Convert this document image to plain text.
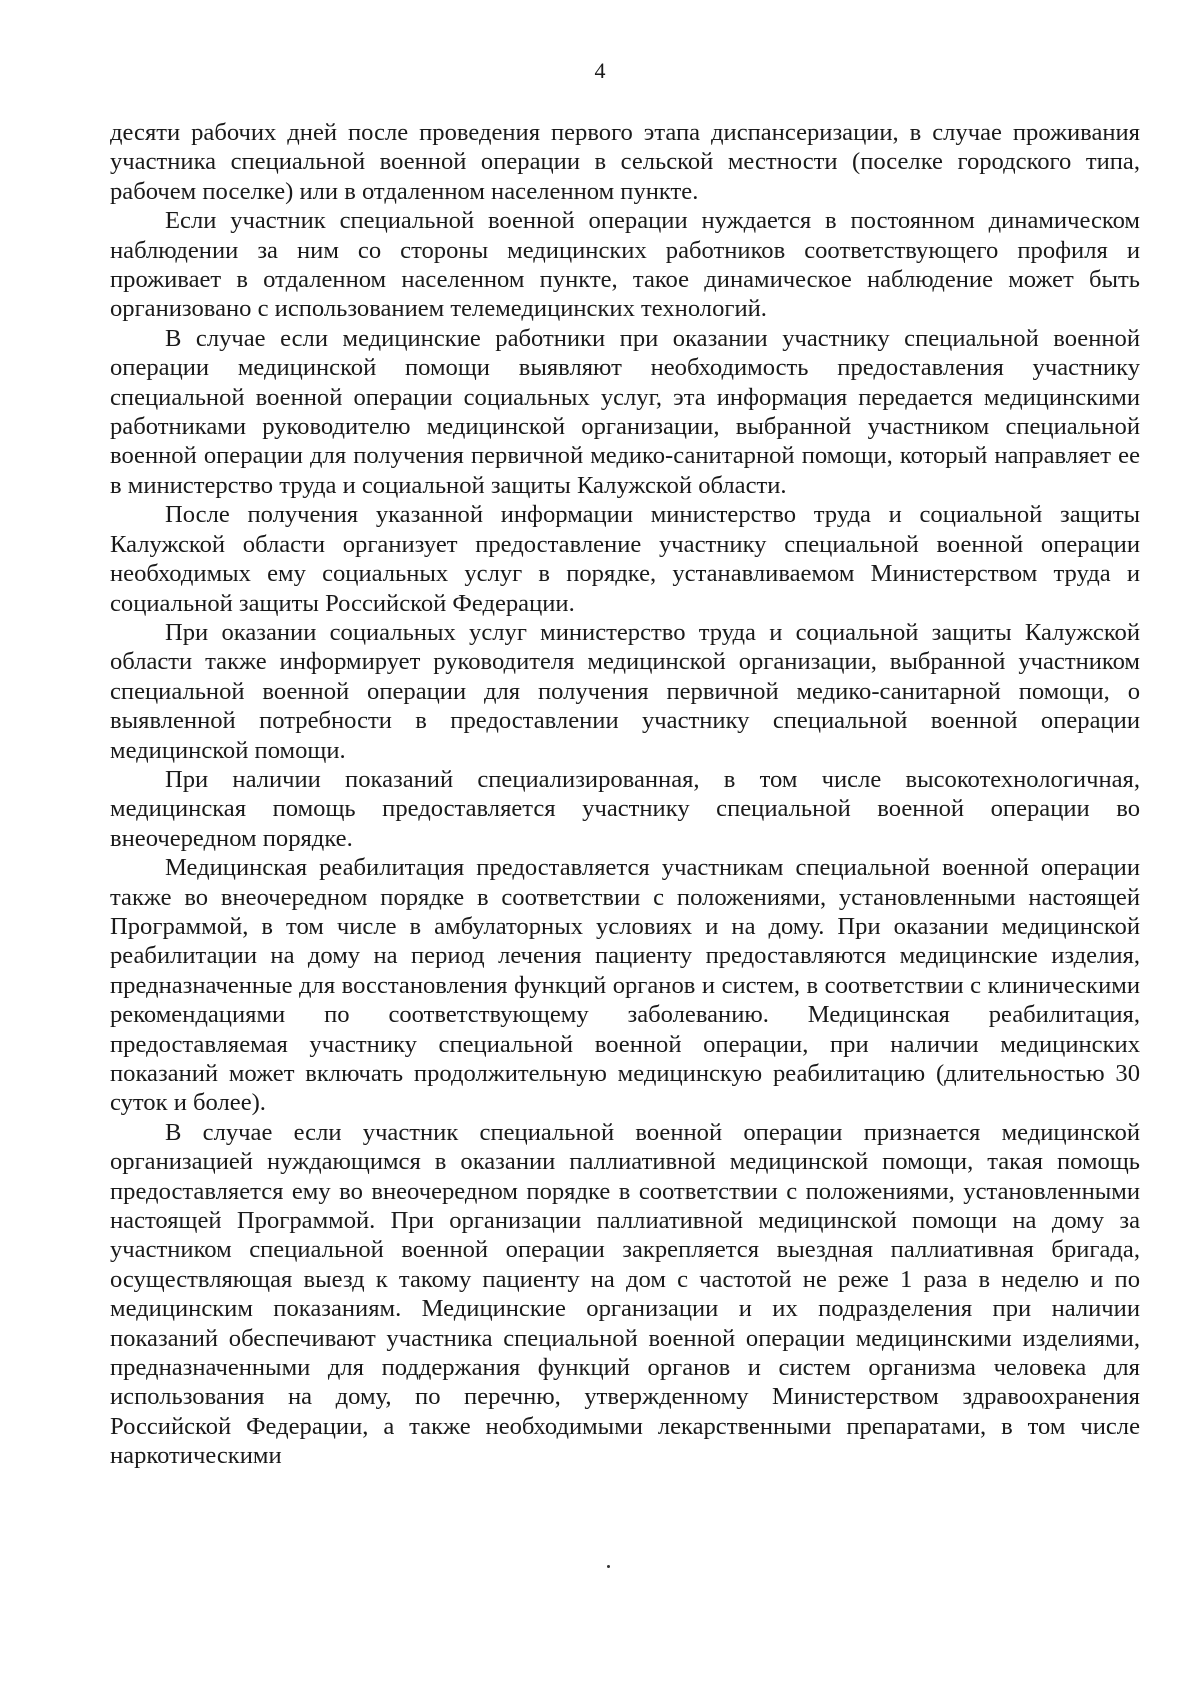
4

десяти рабочих дней после проведения первого этапа диспансеризации, в случае проживания участника специальной военной операции в сельской местности (поселке городского типа, рабочем поселке) или в отдаленном населенном пункте.

Если участник специальной военной операции нуждается в постоянном динамическом наблюдении за ним со стороны медицинских работников соответствующего профиля и проживает в отдаленном населенном пункте, такое динамическое наблюдение может быть организовано с использованием телемедицинских технологий.

В случае если медицинские работники при оказании участнику специальной военной операции медицинской помощи выявляют необходимость предоставления участнику специальной военной операции социальных услуг, эта информация передается медицинскими работниками руководителю медицинской организации, выбранной участником специальной военной операции для получения первичной медико-санитарной помощи, который направляет ее в министерство труда и социальной защиты Калужской области.

После получения указанной информации министерство труда и социальной защиты Калужской области организует предоставление участнику специальной военной операции необходимых ему социальных услуг в порядке, устанавливаемом Министерством труда и социальной защиты Российской Федерации.

При оказании социальных услуг министерство труда и социальной защиты Калужской области также информирует руководителя медицинской организации, выбранной участником специальной военной операции для получения первичной медико-санитарной помощи, о выявленной потребности в предоставлении участнику специальной военной операции медицинской помощи.

При наличии показаний специализированная, в том числе высокотехнологичная, медицинская помощь предоставляется участнику специальной военной операции во внеочередном порядке.

Медицинская реабилитация предоставляется участникам специальной военной операции также во внеочередном порядке в соответствии с положениями, установленными настоящей Программой, в том числе в амбулаторных условиях и на дому. При оказании медицинской реабилитации на дому на период лечения пациенту предоставляются медицинские изделия, предназначенные для восстановления функций органов и систем, в соответствии с клиническими рекомендациями по соответствующему заболеванию. Медицинская реабилитация, предоставляемая участнику специальной военной операции, при наличии медицинских показаний может включать продолжительную медицинскую реабилитацию (длительностью 30 суток и более).

В случае если участник специальной военной операции признается медицинской организацией нуждающимся в оказании паллиативной медицинской помощи, такая помощь предоставляется ему во внеочередном порядке в соответствии с положениями, установленными настоящей Программой. При организации паллиативной медицинской помощи на дому за участником специальной военной операции закрепляется выездная паллиативная бригада, осуществляющая выезд к такому пациенту на дом с частотой не реже 1 раза в неделю и по медицинским показаниям. Медицинские организации и их подразделения при наличии показаний обеспечивают участника специальной военной операции медицинскими изделиями, предназначенными для поддержания функций органов и систем организма человека для использования на дому, по перечню, утвержденному Министерством здравоохранения Российской Федерации, а также необходимыми лекарственными препаратами, в том числе наркотическими
